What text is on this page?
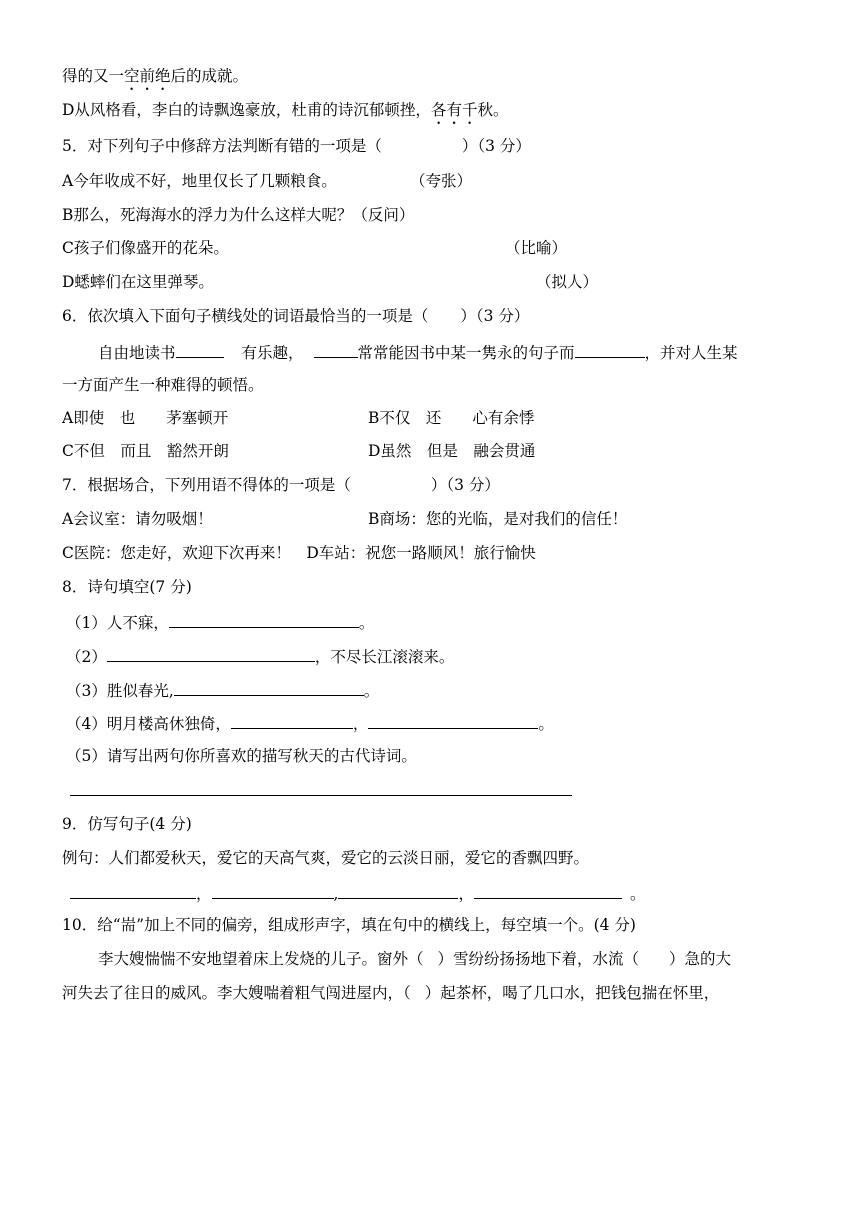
得的又一空前绝后的成就。
D从风格看，李白的诗飘逸豪放，杜甫的诗沉郁顿挫，各有千秋。
5．对下列句子中修辞方法判断有错的一项是（	）（3 分）
A今年收成不好，地里仅长了几颗粮食。	（夸张）
B那么，死海海水的浮力为什么这样大呢？（反问）
C孩子们像盛开的花朵。	（比喻）
D蟋蟀们在这里弹琴。	（拟人）
6．依次填入下面句子横线处的词语最恰当的一项是（ ）（3 分）
自由地读书	有乐趣，	常常能因书中某一隽永的句子而	，并对人生某
一方面产生一种难得的顿悟。
A即使　也　　茅塞顿开	B不仅　还　　心有余悸
C不但　而且　豁然开朗	D虽然　但是　融会贯通
7．根据场合，下列用语不得体的一项是（	）（3 分）
A会议室：请勿吸烟！	B商场：您的光临，是对我们的信任！
C医院：您走好，欢迎下次再来！　D车站：祝您一路顺风！旅行愉快
8．诗句填空(7 分)
（1）人不寐，	。
（2）	，不尽长江滚滚来。
（3）胜似春光,	。
（4）明月楼高休独倚，	，	。
（5）请写出两句你所喜欢的描写秋天的古代诗词。
9．仿写句子(4 分)
例句：人们都爱秋天，爱它的天高气爽，爱它的云淡日丽，爱它的香飘四野。
，	,	，	。
10．给“耑”加上不同的偏旁，组成形声字，填在句中的横线上，每空填一个。(4 分)
李大嫂惴惴不安地望着床上发烧的儿子。窗外（ ）雪纷纷扬扬地下着，水流（ ）急的大
河失去了往日的威风。李大嫂喘着粗气闯进屋内，（ ）起茶杯，喝了几口水，把钱包揣在怀里，
